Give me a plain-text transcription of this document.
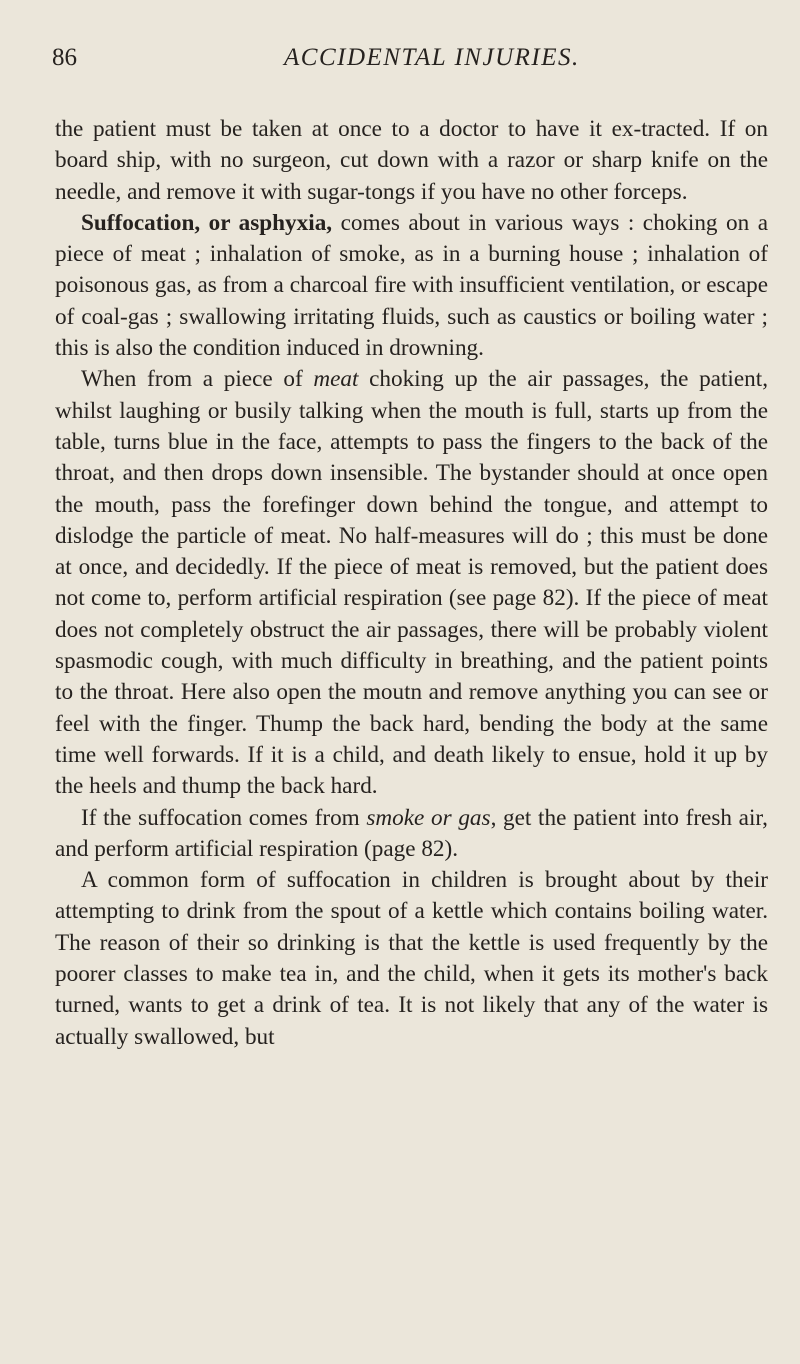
86	ACCIDENTAL INJURIES.

the patient must be taken at once to a doctor to have it ex-tracted. If on board ship, with no surgeon, cut down with a razor or sharp knife on the needle, and remove it with sugar-tongs if you have no other forceps.

Suffocation, or asphyxia, comes about in various ways : choking on a piece of meat ; inhalation of smoke, as in a burning house ; inhalation of poisonous gas, as from a charcoal fire with insufficient ventilation, or escape of coal-gas ; swallowing irritating fluids, such as caustics or boiling water ; this is also the condition induced in drowning.

When from a piece of meat choking up the air passages, the patient, whilst laughing or busily talking when the mouth is full, starts up from the table, turns blue in the face, attempts to pass the fingers to the back of the throat, and then drops down insensible. The bystander should at once open the mouth, pass the forefinger down behind the tongue, and attempt to dislodge the particle of meat. No half-measures will do ; this must be done at once, and decidedly. If the piece of meat is removed, but the patient does not come to, perform artificial respiration (see page 82). If the piece of meat does not completely obstruct the air passages, there will be probably violent spasmodic cough, with much difficulty in breathing, and the patient points to the throat. Here also open the moutn and remove anything you can see or feel with the finger. Thump the back hard, bending the body at the same time well forwards. If it is a child, and death likely to ensue, hold it up by the heels and thump the back hard.

If the suffocation comes from smoke or gas, get the patient into fresh air, and perform artificial respiration (page 82).

A common form of suffocation in children is brought about by their attempting to drink from the spout of a kettle which contains boiling water. The reason of their so drinking is that the kettle is used frequently by the poorer classes to make tea in, and the child, when it gets its mother's back turned, wants to get a drink of tea. It is not likely that any of the water is actually swallowed, but
